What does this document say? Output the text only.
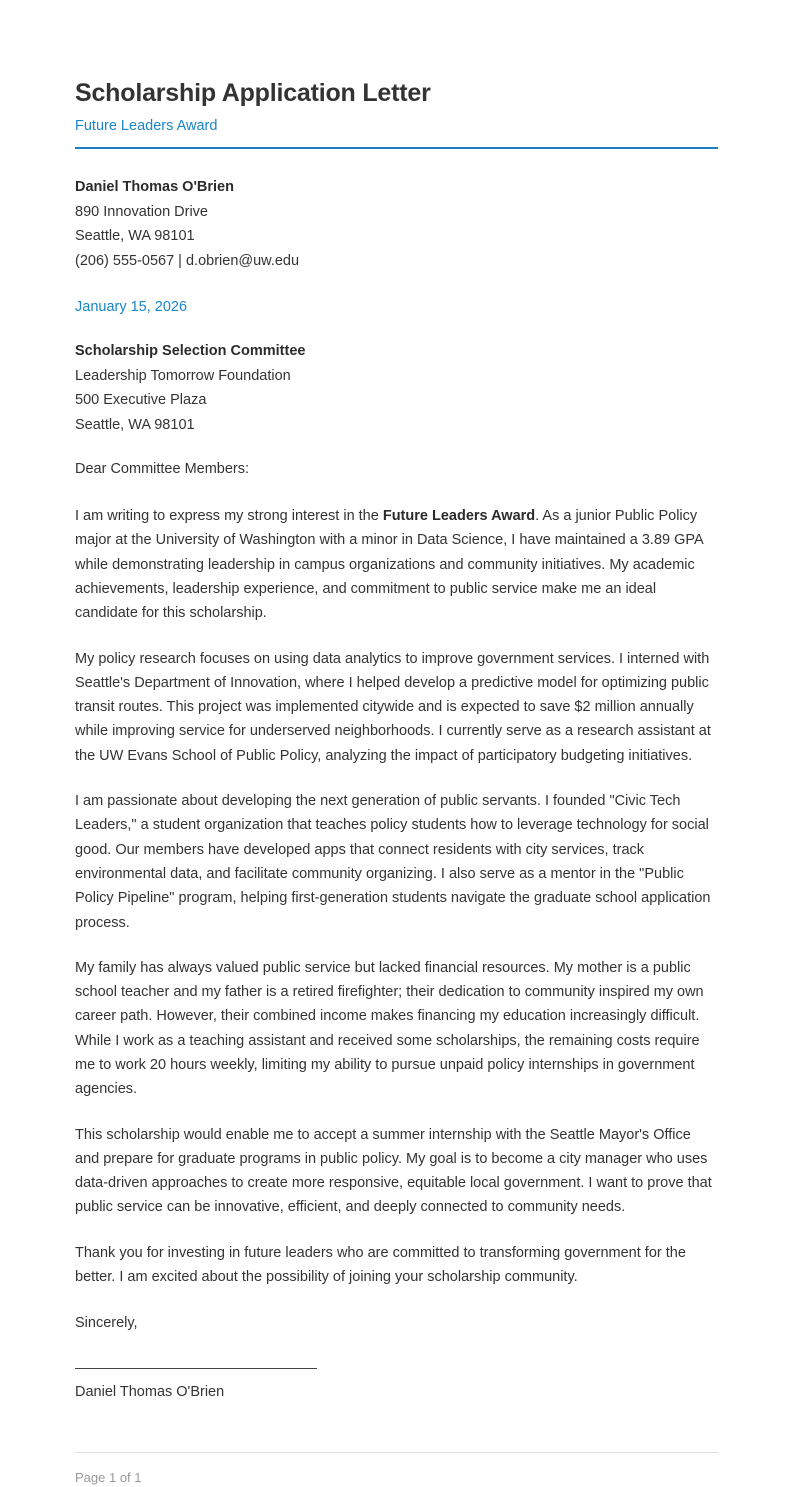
Scholarship Application Letter
Future Leaders Award
Daniel Thomas O'Brien
890 Innovation Drive
Seattle, WA 98101
(206) 555-0567 | d.obrien@uw.edu
January 15, 2026
Scholarship Selection Committee
Leadership Tomorrow Foundation
500 Executive Plaza
Seattle, WA 98101
Dear Committee Members:

I am writing to express my strong interest in the Future Leaders Award. As a junior Public Policy major at the University of Washington with a minor in Data Science, I have maintained a 3.89 GPA while demonstrating leadership in campus organizations and community initiatives. My academic achievements, leadership experience, and commitment to public service make me an ideal candidate for this scholarship.

My policy research focuses on using data analytics to improve government services. I interned with Seattle's Department of Innovation, where I helped develop a predictive model for optimizing public transit routes. This project was implemented citywide and is expected to save $2 million annually while improving service for underserved neighborhoods. I currently serve as a research assistant at the UW Evans School of Public Policy, analyzing the impact of participatory budgeting initiatives.

I am passionate about developing the next generation of public servants. I founded "Civic Tech Leaders," a student organization that teaches policy students how to leverage technology for social good. Our members have developed apps that connect residents with city services, track environmental data, and facilitate community organizing. I also serve as a mentor in the "Public Policy Pipeline" program, helping first-generation students navigate the graduate school application process.

My family has always valued public service but lacked financial resources. My mother is a public school teacher and my father is a retired firefighter; their dedication to community inspired my own career path. However, their combined income makes financing my education increasingly difficult. While I work as a teaching assistant and received some scholarships, the remaining costs require me to work 20 hours weekly, limiting my ability to pursue unpaid policy internships in government agencies.

This scholarship would enable me to accept a summer internship with the Seattle Mayor's Office and prepare for graduate programs in public policy. My goal is to become a city manager who uses data-driven approaches to create more responsive, equitable local government. I want to prove that public service can be innovative, efficient, and deeply connected to community needs.

Thank you for investing in future leaders who are committed to transforming government for the better. I am excited about the possibility of joining your scholarship community.

Sincerely,
Daniel Thomas O'Brien
Page 1 of 1
